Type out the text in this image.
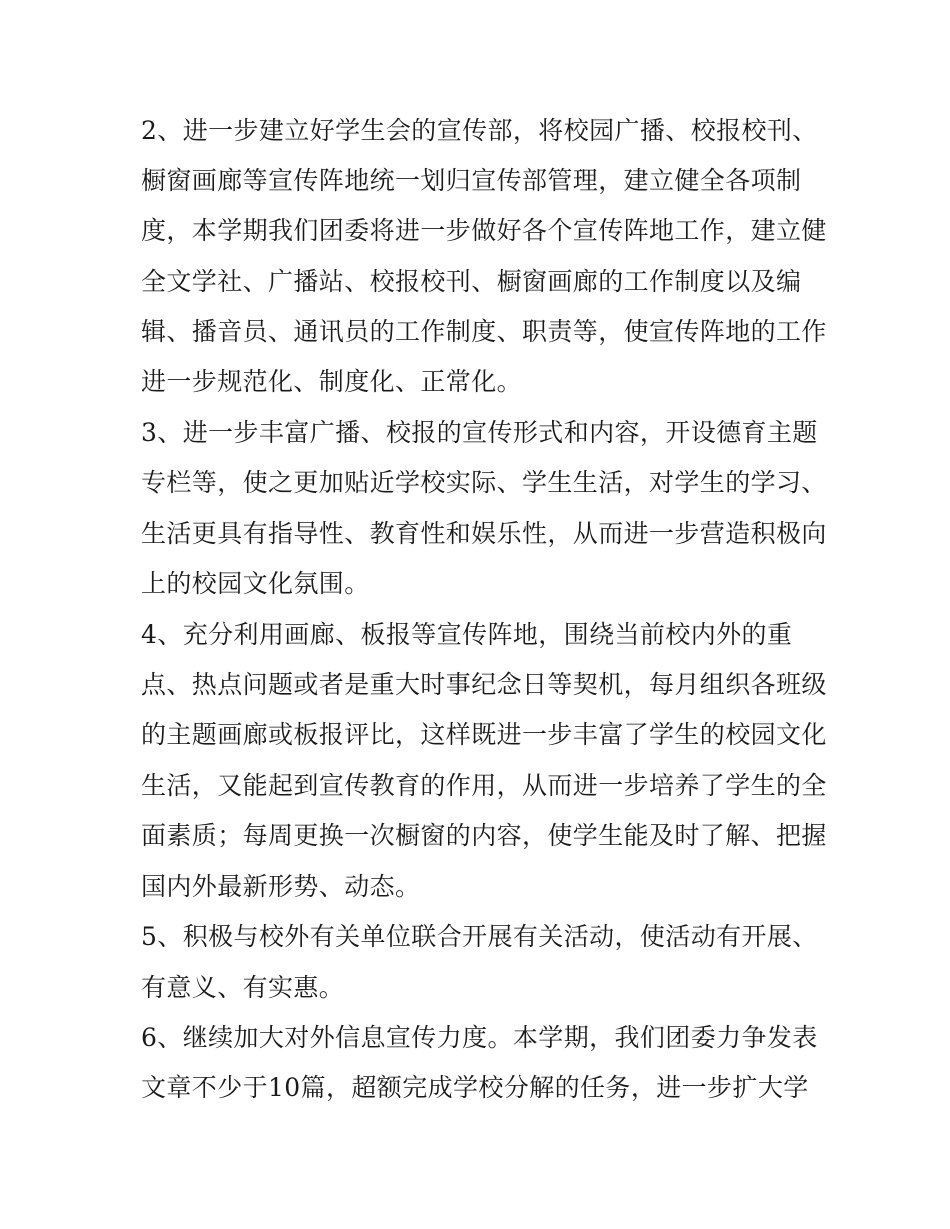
2、进一步建立好学生会的宣传部，将校园广播、校报校刊、
橱窗画廊等宣传阵地统一划归宣传部管理，建立健全各项制
度，本学期我们团委将进一步做好各个宣传阵地工作，建立健
全文学社、广播站、校报校刊、橱窗画廊的工作制度以及编
辑、播音员、通讯员的工作制度、职责等，使宣传阵地的工作
进一步规范化、制度化、正常化。
3、进一步丰富广播、校报的宣传形式和内容，开设德育主题
专栏等，使之更加贴近学校实际、学生生活，对学生的学习、
生活更具有指导性、教育性和娱乐性，从而进一步营造积极向
上的校园文化氛围。
4、充分利用画廊、板报等宣传阵地，围绕当前校内外的重
点、热点问题或者是重大时事纪念日等契机，每月组织各班级
的主题画廊或板报评比，这样既进一步丰富了学生的校园文化
生活，又能起到宣传教育的作用，从而进一步培养了学生的全
面素质；每周更换一次橱窗的内容，使学生能及时了解、把握
国内外最新形势、动态。
5、积极与校外有关单位联合开展有关活动，使活动有开展、
有意义、有实惠。
6、继续加大对外信息宣传力度。本学期，我们团委力争发表
文章不少于10篇，超额完成学校分解的任务，进一步扩大学
